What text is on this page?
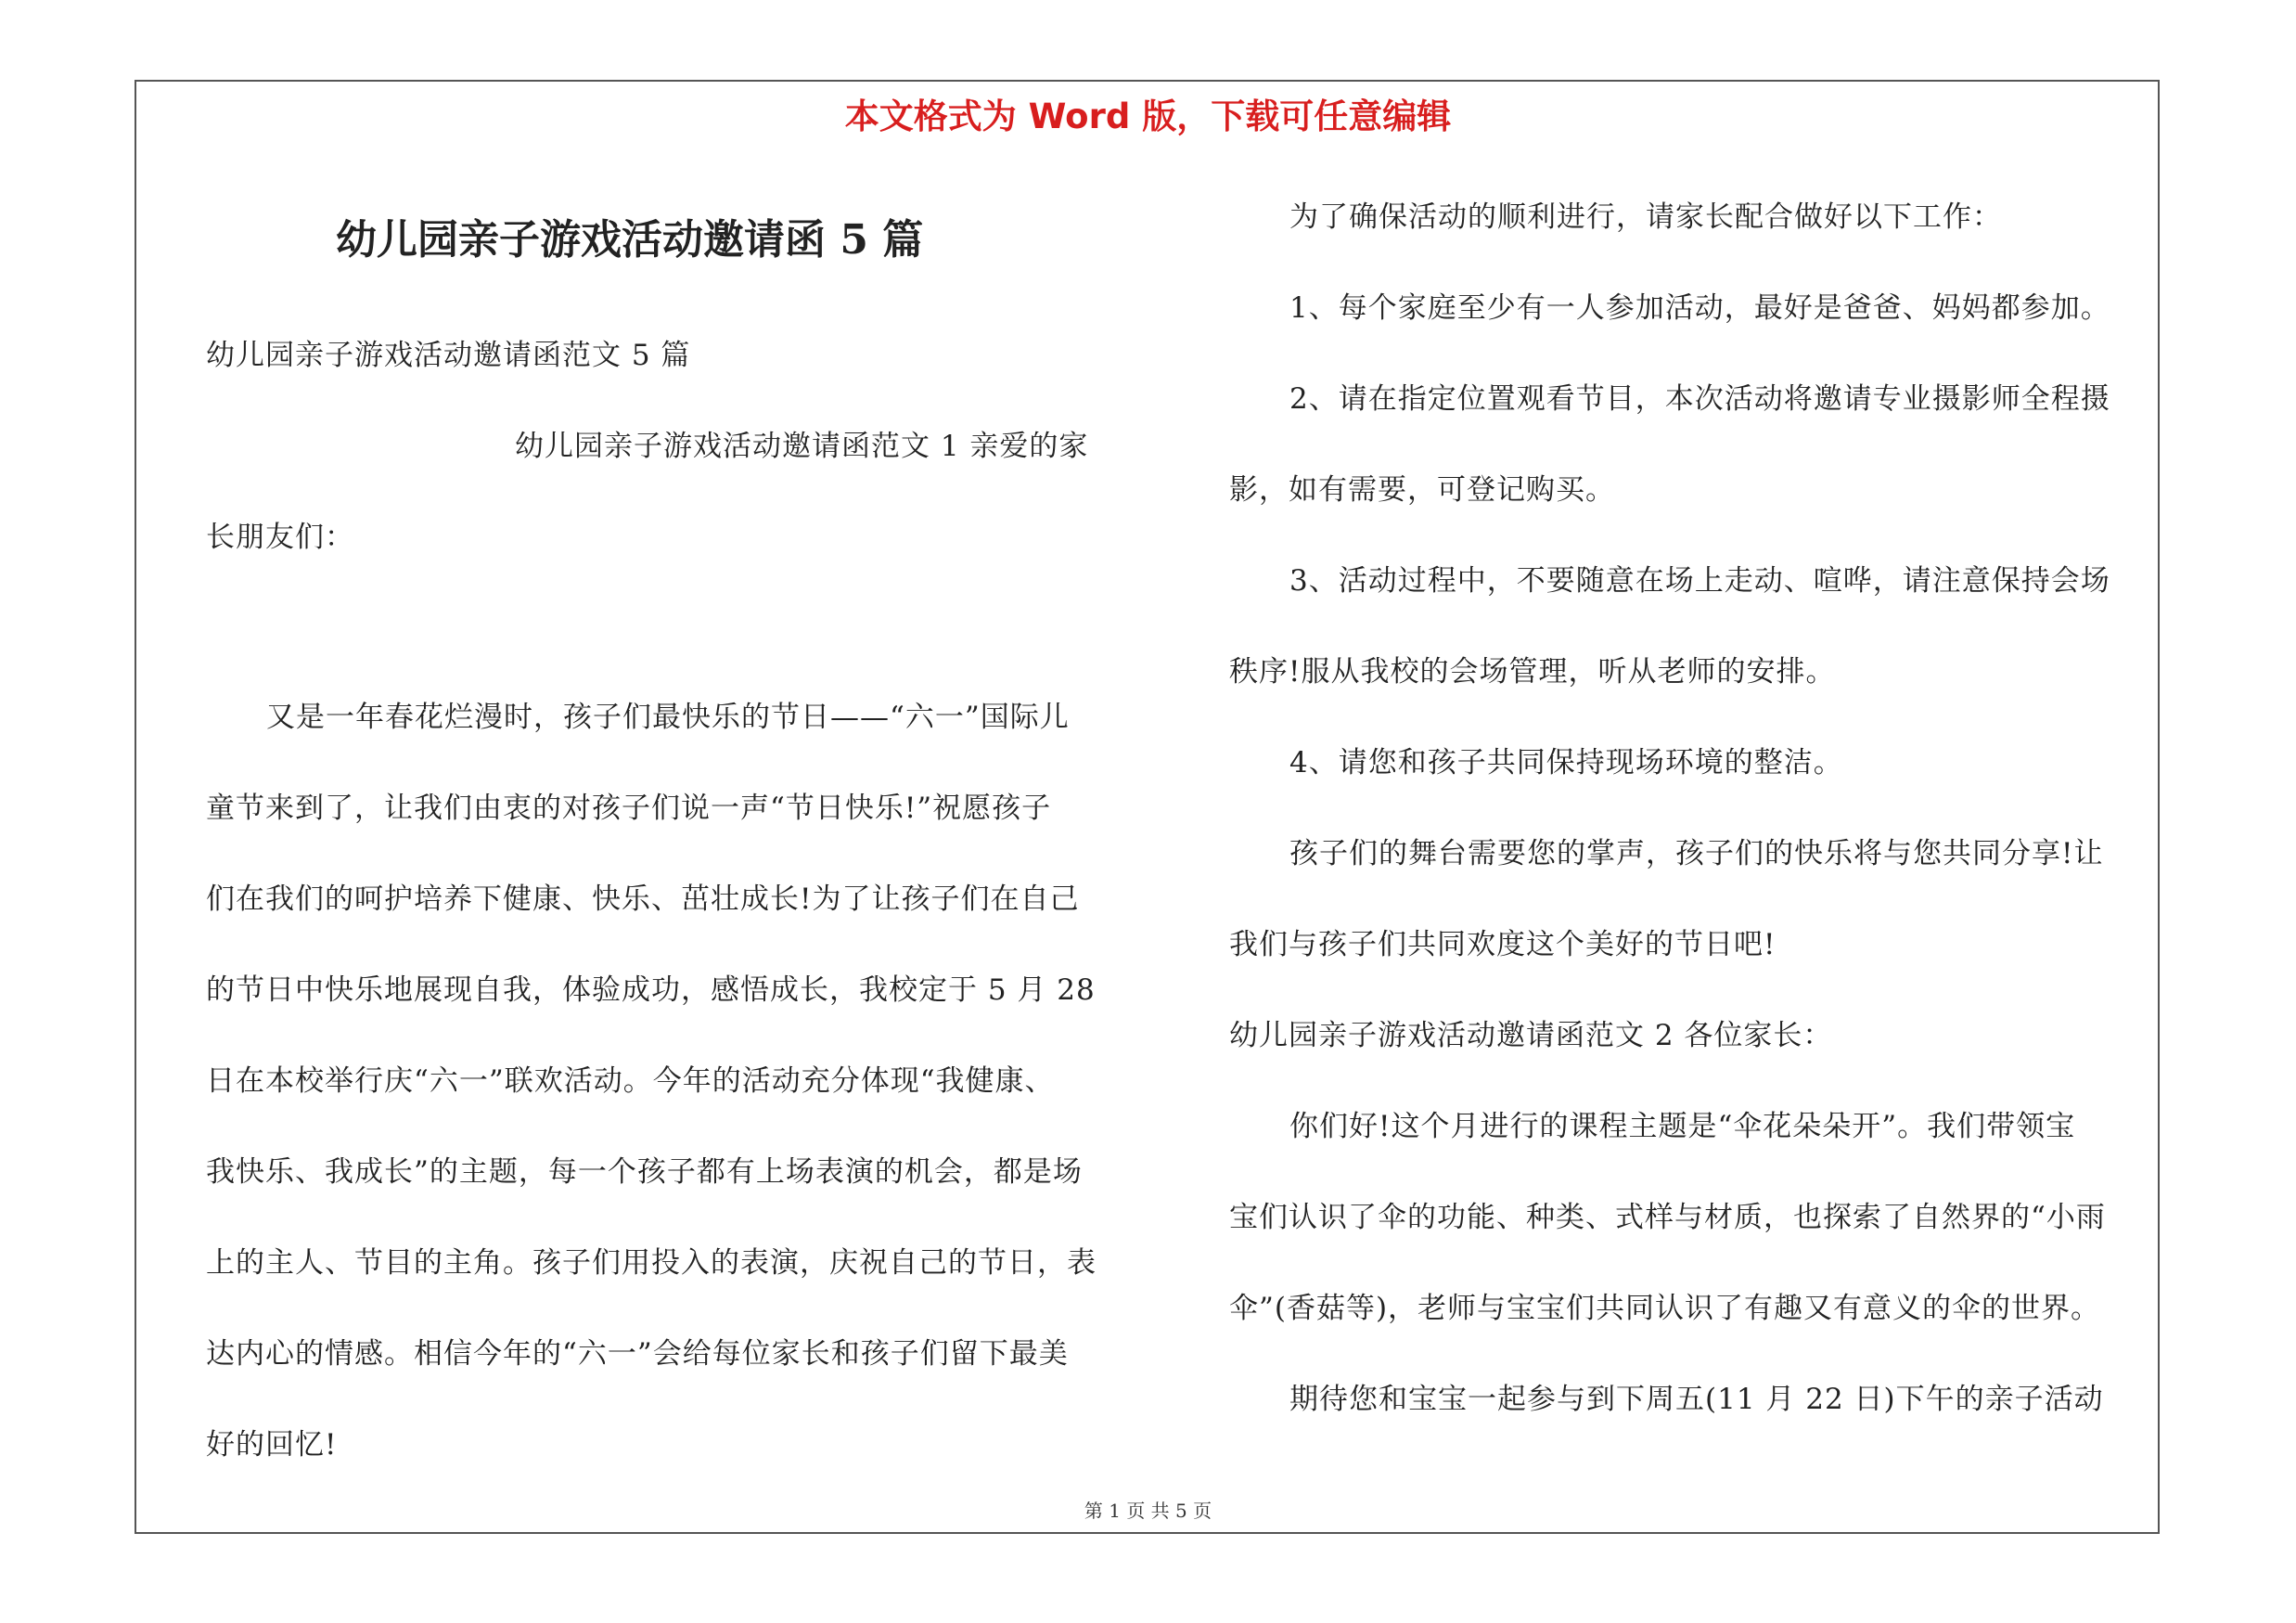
本文格式为 Word 版，下载可任意编辑
幼儿园亲子游戏活动邀请函 5 篇
幼儿园亲子游戏活动邀请函范文 5 篇
幼儿园亲子游戏活动邀请函范文 1 亲爱的家
长朋友们：
又是一年春花烂漫时，孩子们最快乐的节日——“六一”国际儿
童节来到了，让我们由衷的对孩子们说一声“节日快乐!”祝愿孩子
们在我们的呵护培养下健康、快乐、茁壮成长!为了让孩子们在自己
的节日中快乐地展现自我，体验成功，感悟成长，我校定于 5 月 28
日在本校举行庆“六一”联欢活动。今年的活动充分体现“我健康、
我快乐、我成长”的主题，每一个孩子都有上场表演的机会，都是场
上的主人、节目的主角。孩子们用投入的表演，庆祝自己的节日，表
达内心的情感。相信今年的“六一”会给每位家长和孩子们留下最美
好的回忆!
为了确保活动的顺利进行，请家长配合做好以下工作：
1、每个家庭至少有一人参加活动，最好是爸爸、妈妈都参加。
2、请在指定位置观看节目，本次活动将邀请专业摄影师全程摄
影，如有需要，可登记购买。
3、活动过程中，不要随意在场上走动、喧哗，请注意保持会场
秩序!服从我校的会场管理，听从老师的安排。
4、请您和孩子共同保持现场环境的整洁。
孩子们的舞台需要您的掌声，孩子们的快乐将与您共同分享!让
我们与孩子们共同欢度这个美好的节日吧!
幼儿园亲子游戏活动邀请函范文 2 各位家长：
你们好!这个月进行的课程主题是“伞花朵朵开”。我们带领宝
宝们认识了伞的功能、种类、式样与材质，也探索了自然界的“小雨
伞”(香菇等)，老师与宝宝们共同认识了有趣又有意义的伞的世界。
期待您和宝宝一起参与到下周五(11 月 22 日)下午的亲子活动
第 1 页 共 5 页
